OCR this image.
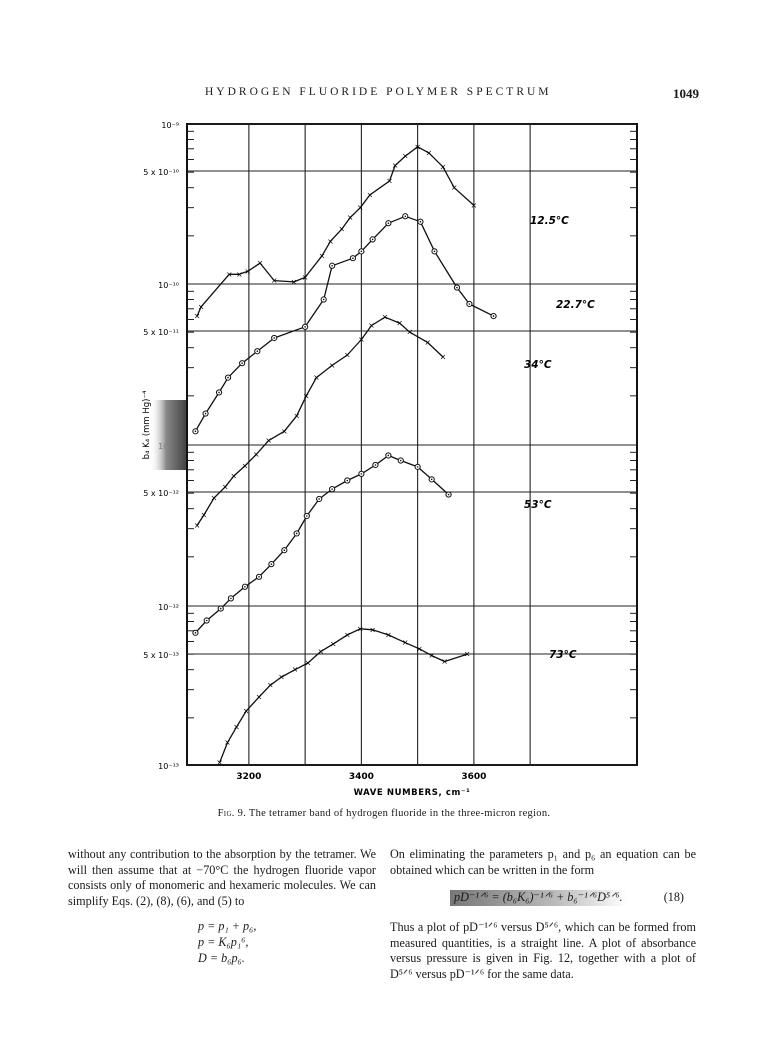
HYDROGEN FLUORIDE POLYMER SPECTRUM	1049
10⁻⁹
5 x 10⁻¹⁰
10⁻¹⁰
5 x 10⁻¹¹
5 x 10⁻¹²
10⁻¹²
5 x 10⁻¹³
10⁻¹³
3200	3400	3600
WAVE NUMBERS, cm⁻¹
b₄ K₄ (mm Hg)⁻⁴
×
×
× × ×
×
× ×
×
×
×
×
×
×
×
×
×
×
×
×
×
×
×
12.5°C
22.7°C
×
×
×
×
×
×
×
×
×
×
×
×
×
×
×
×
×
×
×
×
×
34°C
53°C
×
×
×
×
×
×
×
×
×
×
×
×
× ×
×
×
×
×
×
×	73°C
Fig. 9. The tetramer band of hydrogen fluoride in the three-micron region.

without any contribution to the absorption by the tetramer. We will then assume that at −70°C the hydrogen fluoride vapor consists only of monomeric and hexameric molecules. We can simplify Eqs. (2), (8), (6), and (5) to

p = p₁ + p₆,
p = K₆p₁⁶,
D = b₆p₆.

On eliminating the parameters p₁ and p₆ an equation can be obtained which can be written in the form

pD⁻¹ᐟ⁶ = (b₆K₆)⁻¹ᐟ⁶ + b₆⁻¹ᐟ⁶D⁵ᐟ⁶.	(18)

Thus a plot of pD⁻¹ᐟ⁶ versus D⁵ᐟ⁶, which can be formed from measured quantities, is a straight line. A plot of absorbance versus pressure is given in Fig. 12, together with a plot of D⁵ᐟ⁶ versus pD⁻¹ᐟ⁶ for the same data.
